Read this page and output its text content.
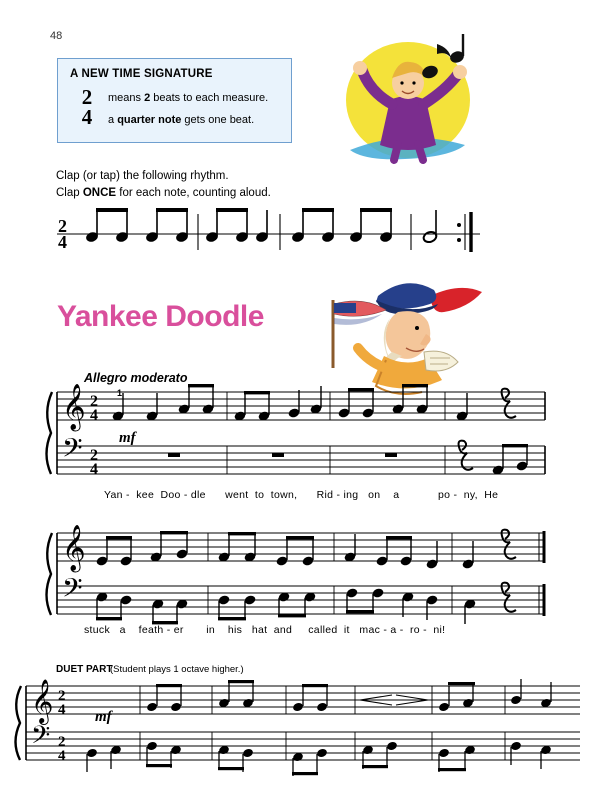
48
A NEW TIME SIGNATURE
2
4
means 2 beats to each measure.
a quarter note gets one beat.
Clap (or tap) the following rhythm.
Clap ONCE for each note, counting aloud.
Yankee Doodle
Allegro moderato
1
mf
mf
Yan -  kee  Doo - dle      went  to  town,      Rid - ing   on    a            po -  ny,  He
stuck   a    feath - er       in    his   hat  and     called  it   mac - a -  ro -  ni!
DUET PART
(Student plays 1 octave higher.)
2
4
𝄞
𝄢
2
4
2
4
𝄞
𝄢
𝄞
𝄢
2
4
2
4
